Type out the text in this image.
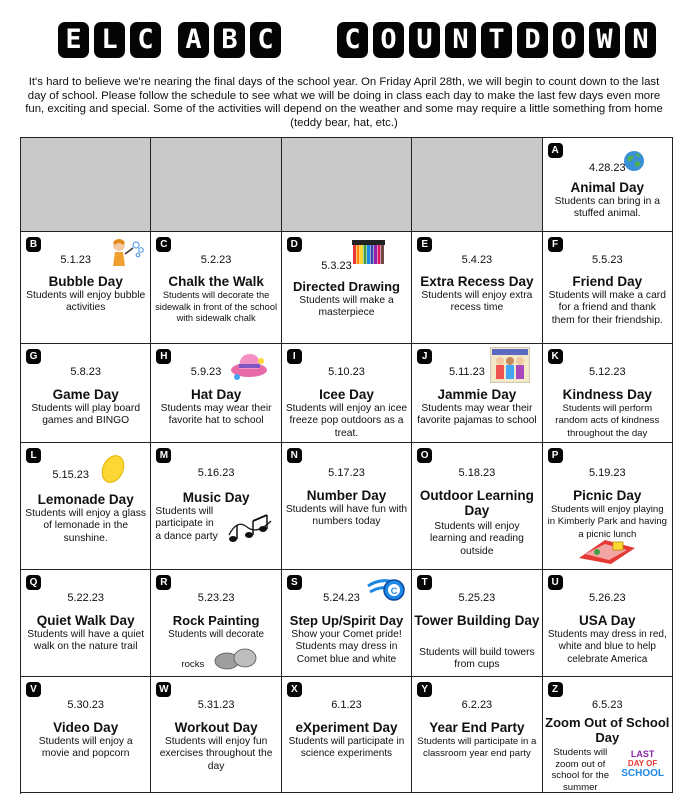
E L C A B C	C O U N T D O W N
It's hard to believe we're nearing the final days of the school year. On Friday April 28th, we will begin to count down to the last day of school. Please follow the schedule to see what we will be doing in class each day to make the last few days even more fun, exciting and special. Some of the activities will depend on the weather and some may require a little something from home (teddy bear, hat, etc.)
A
4.28.23
Animal Day
Students can bring in a stuffed animal.
B
5.1.23
Bubble Day
Students will enjoy bubble activities
C
5.2.23
Chalk the Walk
Students will decorate the sidewalk in front of the school with sidewalk chalk
D
5.3.23
Directed Drawing
Students will make a masterpiece
E
5.4.23
Extra Recess Day
Students will enjoy extra recess time
F
5.5.23
Friend Day
Students will make a card for a friend and thank them for their friendship.
G
5.8.23
Game Day
Students will play board games and BINGO
H
5.9.23
Hat Day
Students may wear their favorite hat to school
I
5.10.23
Icee Day
Students will enjoy an icee freeze pop outdoors as a treat.
J
5.11.23
Jammie Day
Students may wear their favorite pajamas to school
K
5.12.23
Kindness Day
Students will perform random acts of kindness throughout the day
L
5.15.23
Lemonade Day
Students will enjoy a glass of lemonade in the sunshine.
M
5.16.23
Music Day
Students will participate in a dance party
N
5.17.23
Number Day
Students will have fun with numbers today
O
5.18.23
Outdoor Learning Day
Students will enjoy learning and reading outside
P
5.19.23
Picnic Day
Students will enjoy playing in Kimberly Park and having a picnic lunch
Q
5.22.23
Quiet Walk Day
Students will have a quiet walk on the nature trail
R
5.23.23
Rock Painting
Students will decorate
rocks
S
5.24.23
Step Up/Spirit Day
Show your Comet pride! Students may dress in Comet blue and white
C
T
5.25.23
Tower Building Day
Students will build towers from cups
U
5.26.23
USA Day
Students may dress in red, white and blue to help celebrate America
V
5.30.23
Video Day
Students will enjoy a movie and popcorn
W
5.31.23
Workout Day
Students will enjoy fun exercises throughout the day
X
6.1.23
eXperiment Day
Students will participate in science experiments
Y
6.2.23
Year End Party
Students will participate in a classroom year end party
Z
6.5.23
Zoom Out of School Day
Students will zoom out of school for the summer
LAST
DAY OF
SCHOOL
